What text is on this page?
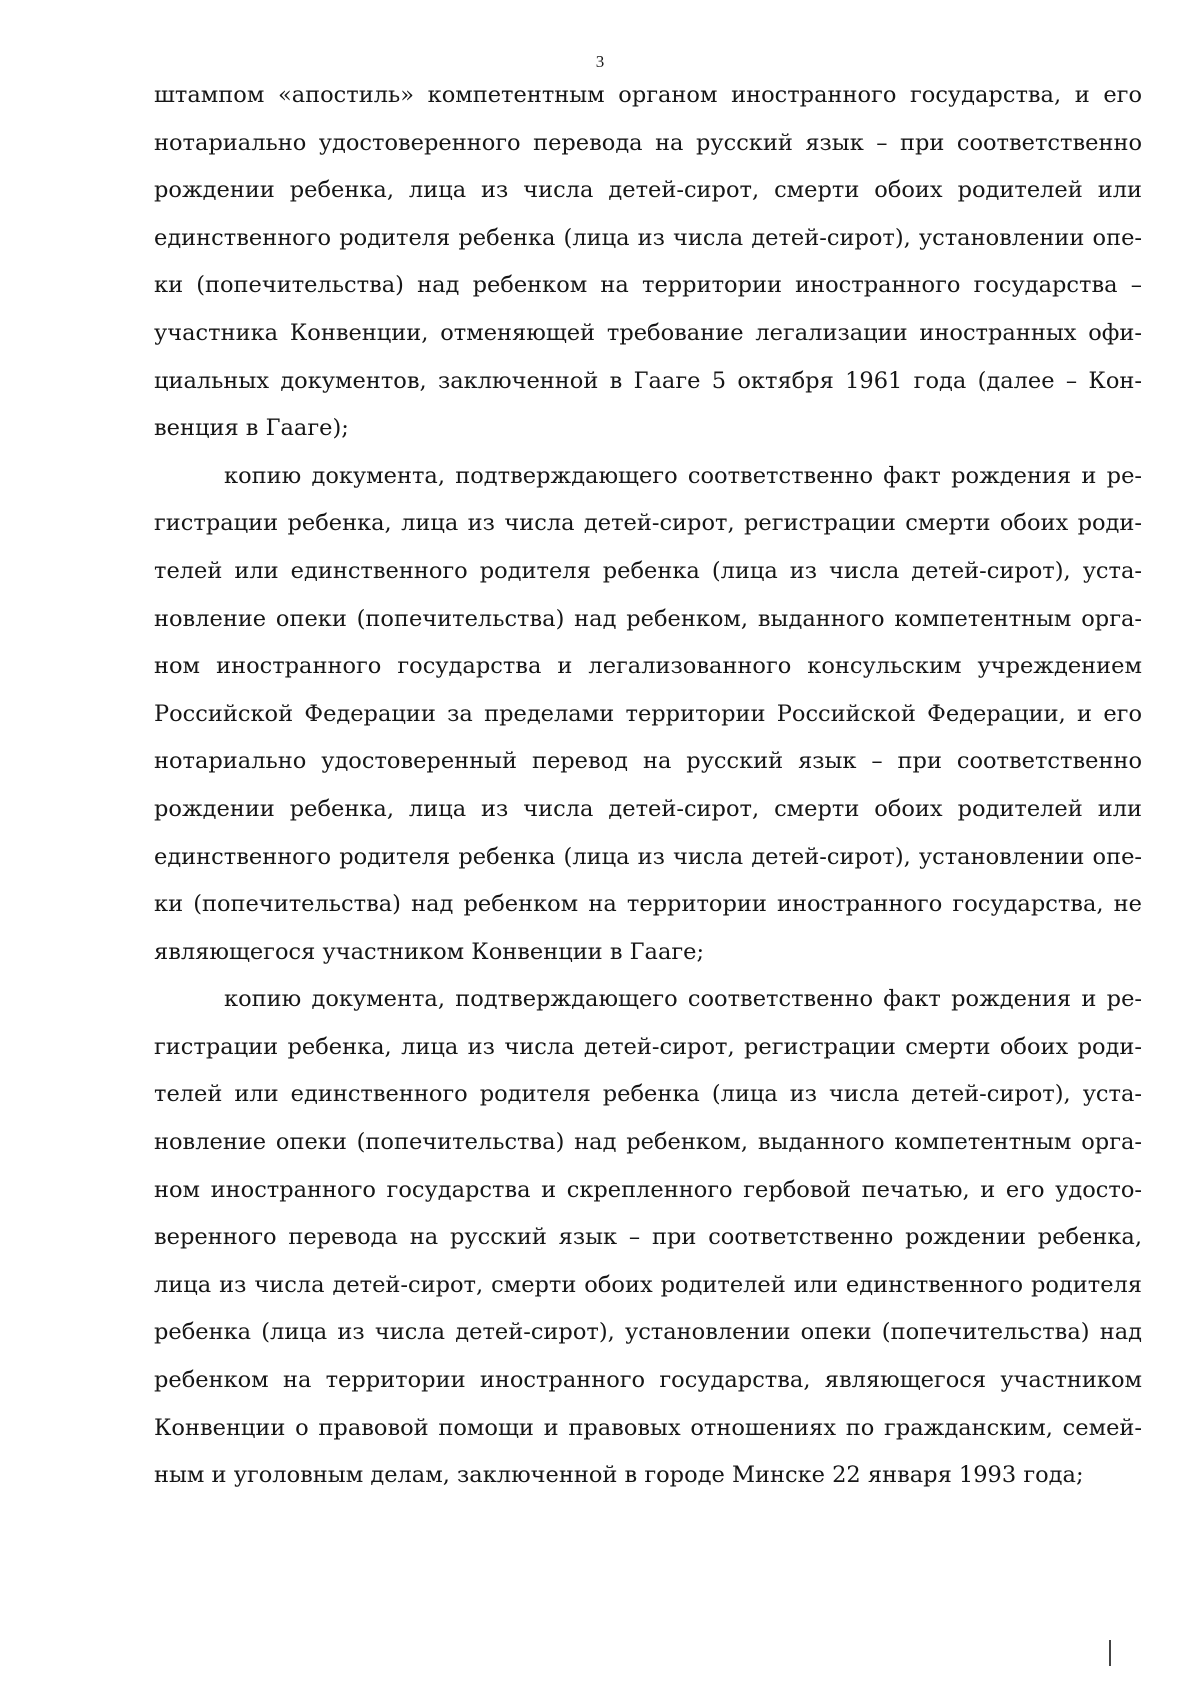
3
штампом «апостиль» компетентным органом иностранного государства, и его
нотариально удостоверенного перевода на русский язык – при соответственно
рождении ребенка, лица из числа детей-сирот, смерти обоих родителей или
единственного родителя ребенка (лица из числа детей-сирот), установлении опе-
ки (попечительства) над ребенком на территории иностранного государства –
участника Конвенции, отменяющей требование легализации иностранных офи-
циальных документов, заключенной в Гааге 5 октября 1961 года (далее – Кон-
венция в Гааге);
копию документа, подтверждающего соответственно факт рождения и ре-
гистрации ребенка, лица из числа детей-сирот, регистрации смерти обоих роди-
телей или единственного родителя ребенка (лица из числа детей-сирот), уста-
новление опеки (попечительства) над ребенком, выданного компетентным орга-
ном иностранного государства и легализованного консульским учреждением
Российской Федерации за пределами территории Российской Федерации, и его
нотариально удостоверенный перевод на русский язык – при соответственно
рождении ребенка, лица из числа детей-сирот, смерти обоих родителей или
единственного родителя ребенка (лица из числа детей-сирот), установлении опе-
ки (попечительства) над ребенком на территории иностранного государства, не
являющегося участником Конвенции в Гааге;
копию документа, подтверждающего соответственно факт рождения и ре-
гистрации ребенка, лица из числа детей-сирот, регистрации смерти обоих роди-
телей или единственного родителя ребенка (лица из числа детей-сирот), уста-
новление опеки (попечительства) над ребенком, выданного компетентным орга-
ном иностранного государства и скрепленного гербовой печатью, и его удосто-
веренного перевода на русский язык – при соответственно рождении ребенка,
лица из числа детей-сирот, смерти обоих родителей или единственного родителя
ребенка (лица из числа детей-сирот), установлении опеки (попечительства) над
ребенком на территории иностранного государства, являющегося участником
Конвенции о правовой помощи и правовых отношениях по гражданским, семей-
ным и уголовным делам, заключенной в городе Минске 22 января 1993 года;
